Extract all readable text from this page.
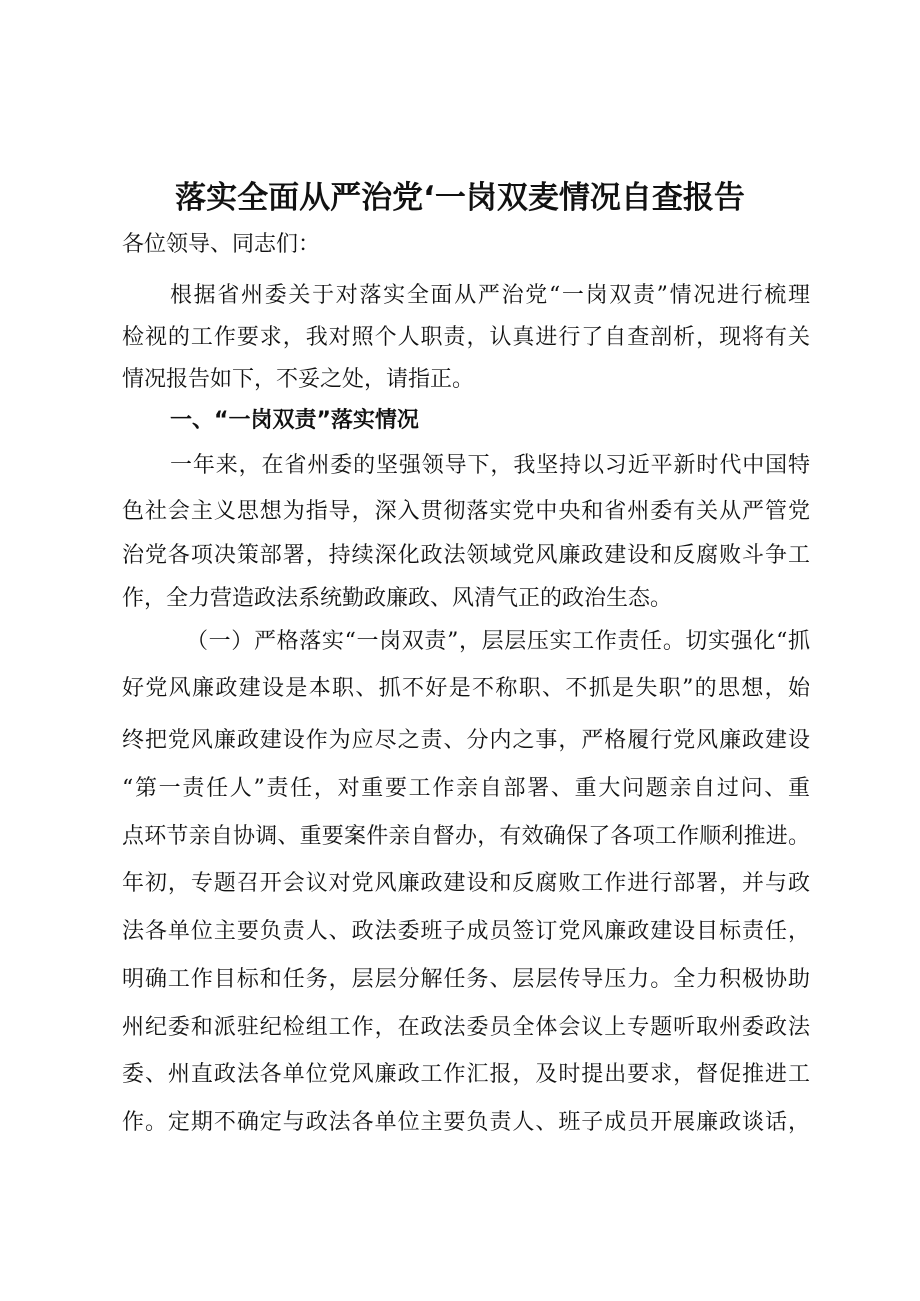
落实全面从严治党‘一岗双麦情况自查报告
各位领导、同志们：
根据省州委关于对落实全面从严治党“一岗双责”情况进行梳理
检视的工作要求，我对照个人职责，认真进行了自查剖析，现将有关
情况报告如下，不妥之处，请指正。
一、“一岗双责”落实情况
一年来，在省州委的坚强领导下，我坚持以习近平新时代中国特
色社会主义思想为指导，深入贯彻落实党中央和省州委有关从严管党
治党各项决策部署，持续深化政法领域党风廉政建设和反腐败斗争工
作，全力营造政法系统勤政廉政、风清气正的政治生态。
（一）严格落实“一岗双责”，层层压实工作责任。切实强化“抓
好党风廉政建设是本职、抓不好是不称职、不抓是失职”的思想，始
终把党风廉政建设作为应尽之责、分内之事，严格履行党风廉政建设
“第一责任人”责任，对重要工作亲自部署、重大问题亲自过问、重
点环节亲自协调、重要案件亲自督办，有效确保了各项工作顺利推进。
年初，专题召开会议对党风廉政建设和反腐败工作进行部署，并与政
法各单位主要负责人、政法委班子成员签订党风廉政建设目标责任，
明确工作目标和任务，层层分解任务、层层传导压力。全力积极协助
州纪委和派驻纪检组工作，在政法委员全体会议上专题听取州委政法
委、州直政法各单位党风廉政工作汇报，及时提出要求，督促推进工
作。定期不确定与政法各单位主要负责人、班子成员开展廉政谈话，
